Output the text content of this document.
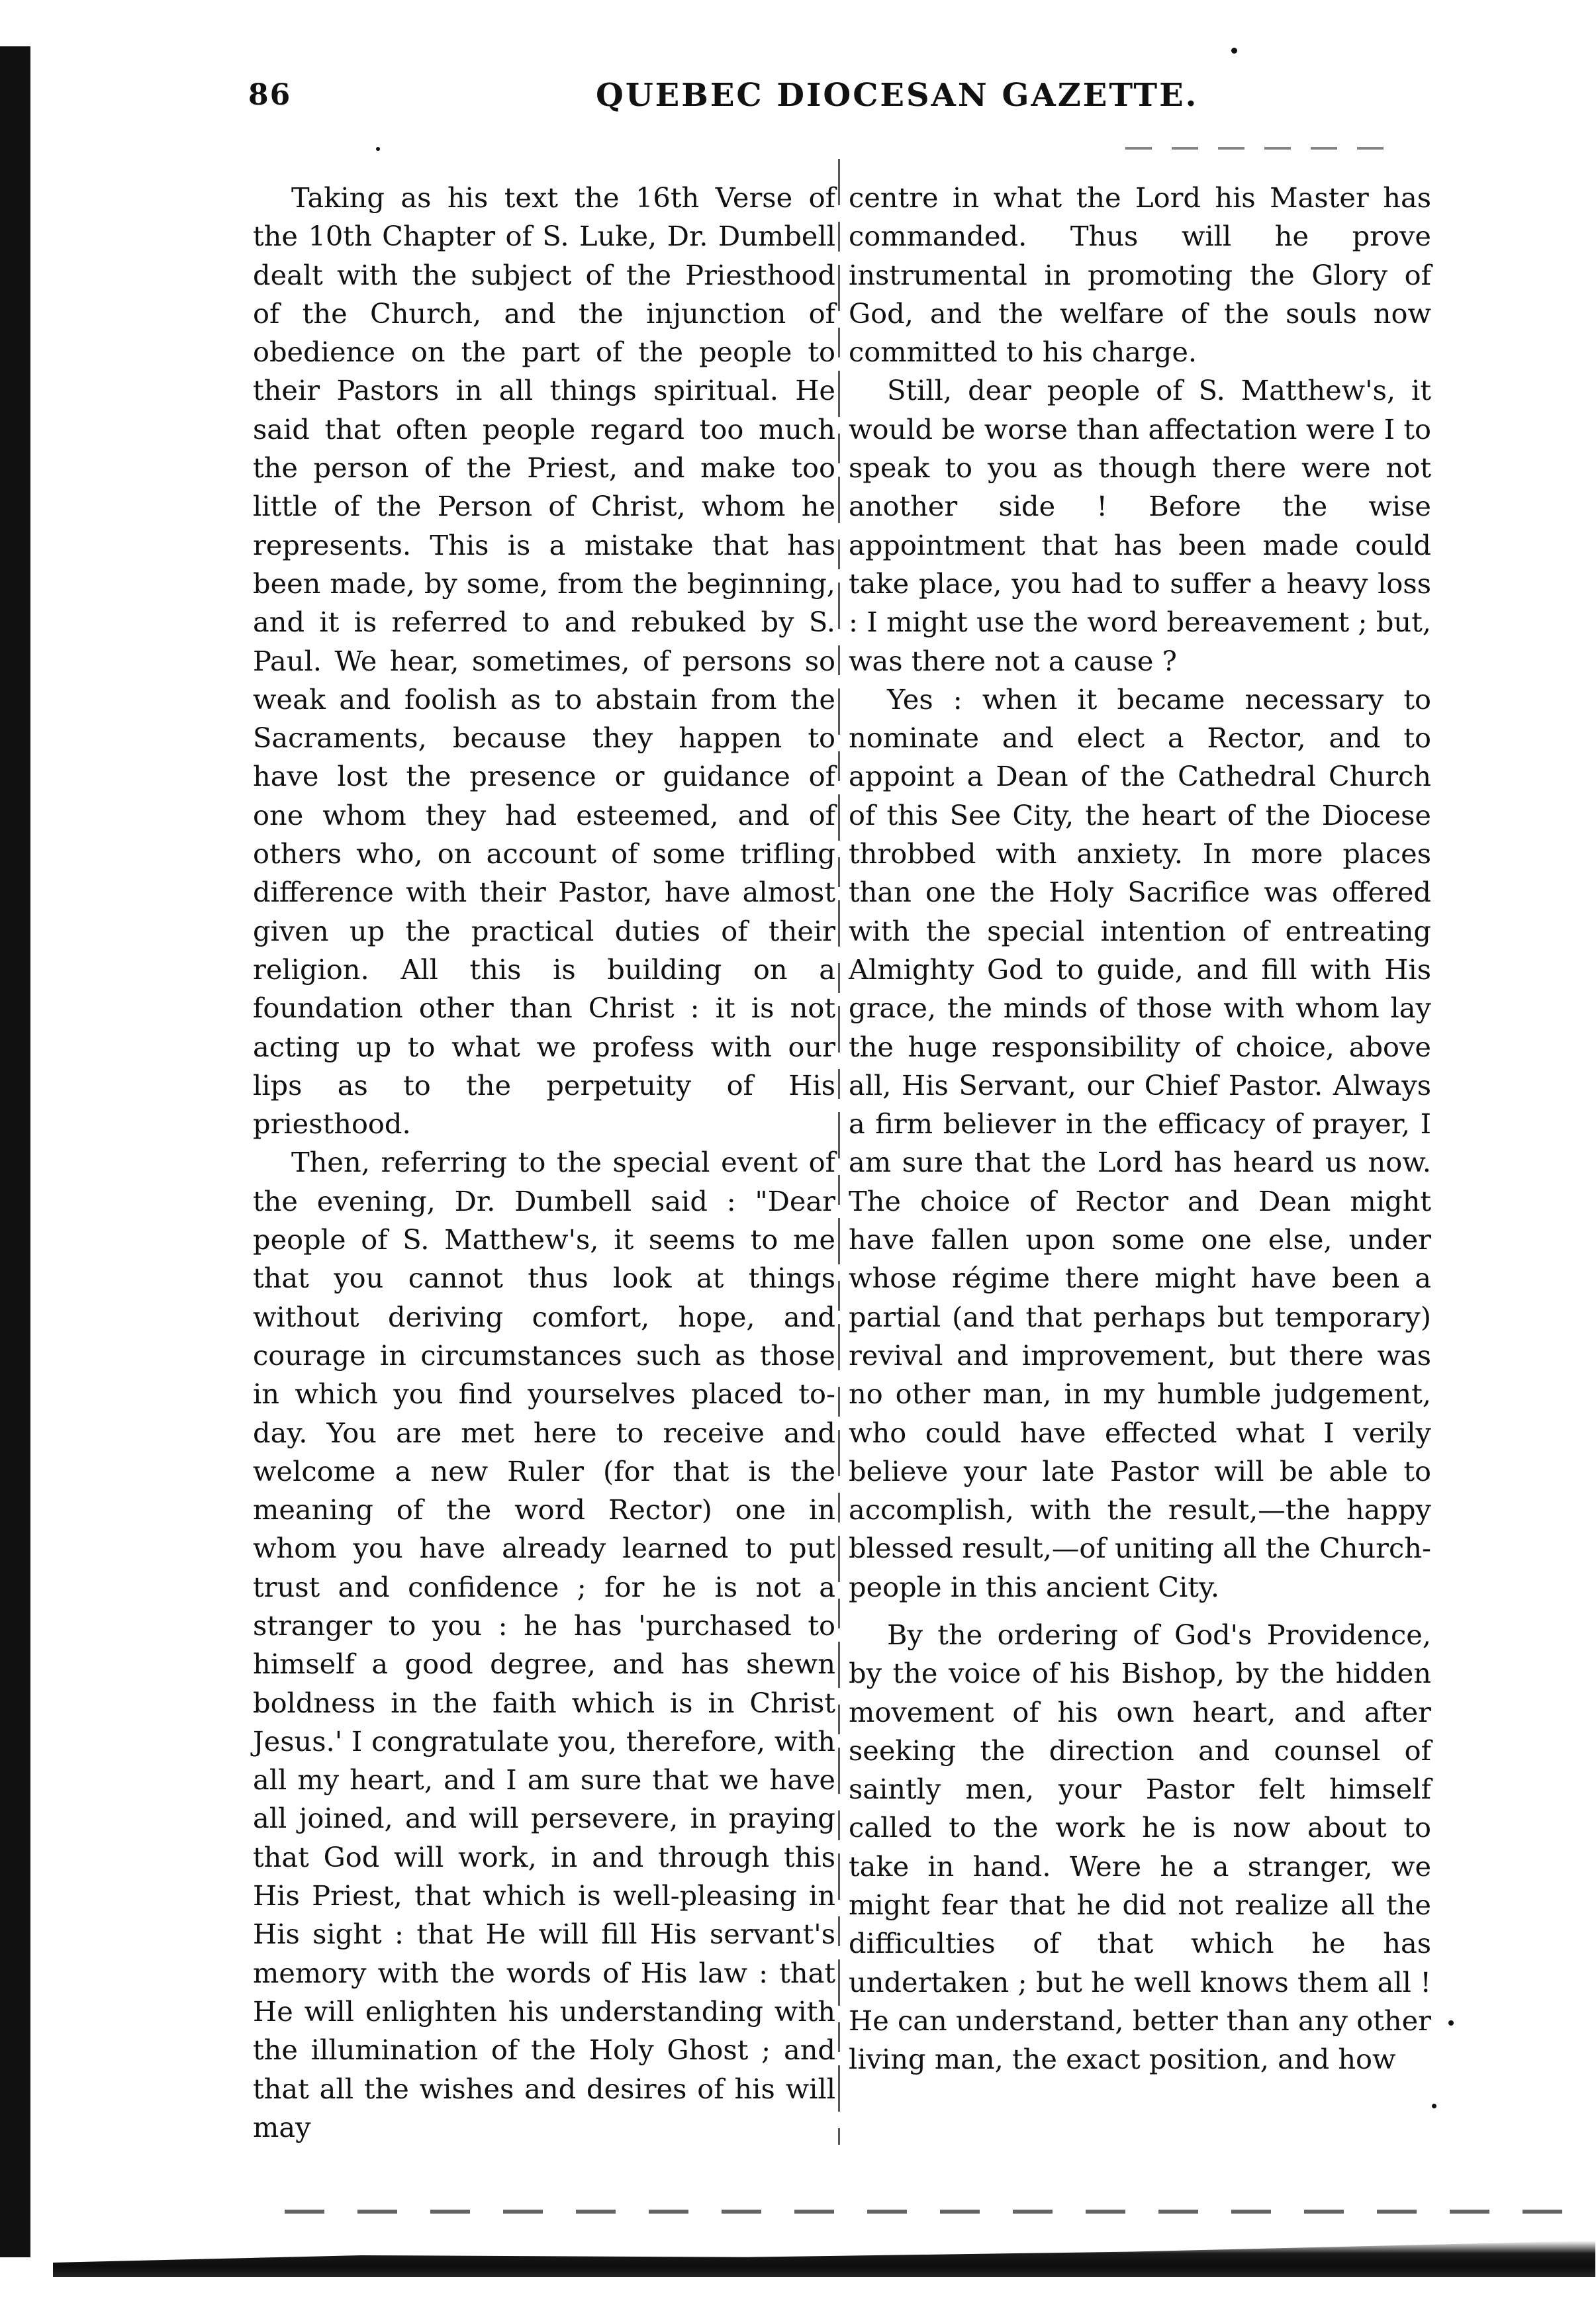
86	QUEBEC DIOCESAN GAZETTE.

Taking as his text the 16th Verse of the 10th Chapter of S. Luke, Dr. Dumbell dealt with the subject of the Priesthood of the Church, and the injunction of obedience on the part of the people to their Pastors in all things spiritual. He said that often people regard too much the person of the Priest, and make too little of the Person of Christ, whom he represents. This is a mistake that has been made, by some, from the beginning, and it is referred to and rebuked by S. Paul. We hear, sometimes, of persons so weak and foolish as to abstain from the Sacraments, because they happen to have lost the presence or guidance of one whom they had esteemed, and of others who, on account of some trifling difference with their Pastor, have almost given up the practical duties of their religion. All this is building on a foundation other than Christ : it is not acting up to what we profess with our lips as to the perpetuity of His priesthood.

Then, referring to the special event of the evening, Dr. Dumbell said : "Dear people of S. Matthew's, it seems to me that you cannot thus look at things without deriving comfort, hope, and courage in circumstances such as those in which you find yourselves placed to-day. You are met here to receive and welcome a new Ruler (for that is the meaning of the word Rector) one in whom you have already learned to put trust and confidence ; for he is not a stranger to you : he has 'purchased to himself a good degree, and has shewn boldness in the faith which is in Christ Jesus.' I congratulate you, therefore, with all my heart, and I am sure that we have all joined, and will persevere, in praying that God will work, in and through this His Priest, that which is well-pleasing in His sight : that He will fill His servant's memory with the words of His law : that He will enlighten his understanding with the illumination of the Holy Ghost ; and that all the wishes and desires of his will may

centre in what the Lord his Master has commanded. Thus will he prove instrumental in promoting the Glory of God, and the welfare of the souls now committed to his charge.

Still, dear people of S. Matthew's, it would be worse than affectation were I to speak to you as though there were not another side ! Before the wise appointment that has been made could take place, you had to suffer a heavy loss : I might use the word bereavement ; but, was there not a cause ?

Yes : when it became necessary to nominate and elect a Rector, and to appoint a Dean of the Cathedral Church of this See City, the heart of the Diocese throbbed with anxiety. In more places than one the Holy Sacrifice was offered with the special intention of entreating Almighty God to guide, and fill with His grace, the minds of those with whom lay the huge responsibility of choice, above all, His Servant, our Chief Pastor. Always a firm believer in the efficacy of prayer, I am sure that the Lord has heard us now. The choice of Rector and Dean might have fallen upon some one else, under whose régime there might have been a partial (and that perhaps but temporary) revival and improvement, but there was no other man, in my humble judgement, who could have effected what I verily believe your late Pastor will be able to accomplish, with the result,—the happy blessed result,—of uniting all the Church-people in this ancient City.

By the ordering of God's Providence, by the voice of his Bishop, by the hidden movement of his own heart, and after seeking the direction and counsel of saintly men, your Pastor felt himself called to the work he is now about to take in hand. Were he a stranger, we might fear that he did not realize all the difficulties of that which he has undertaken ; but he well knows them all ! He can understand, better than any other living man, the exact position, and how
